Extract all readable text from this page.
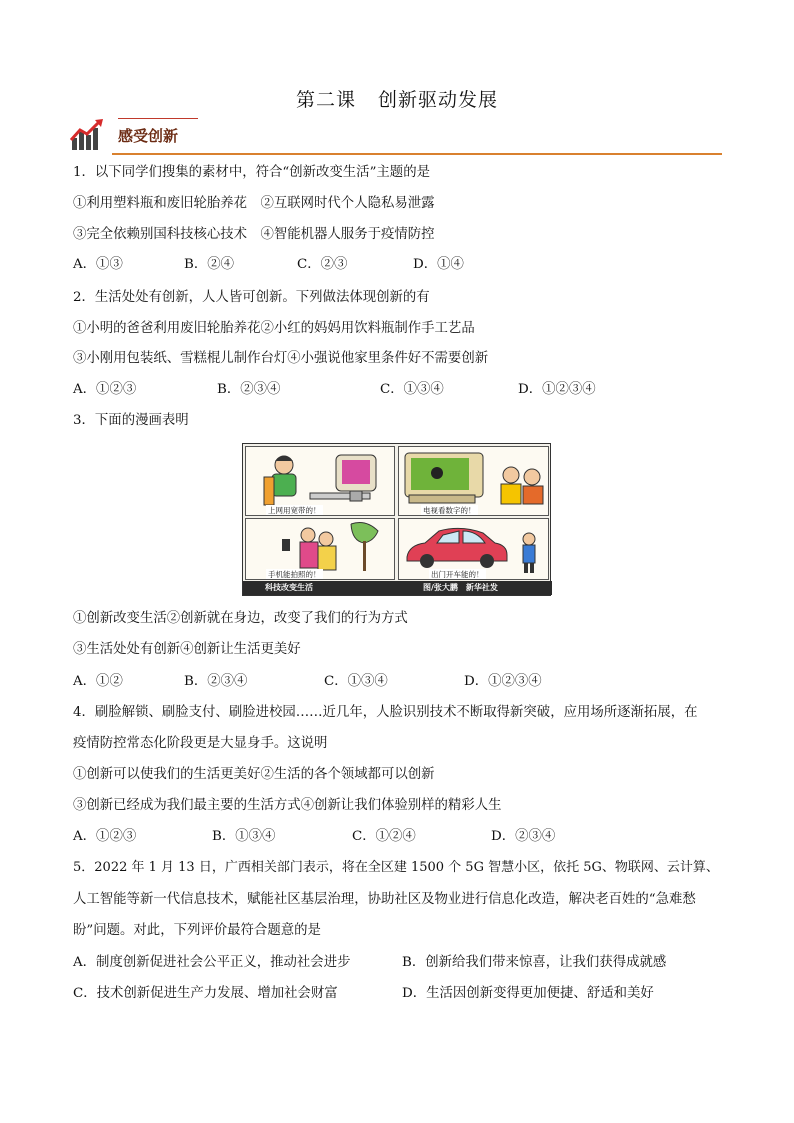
第二课 创新驱动发展
感受创新
1．以下同学们搜集的素材中，符合“创新改变生活”主题的是
①利用塑料瓶和废旧轮胎养花　②互联网时代个人隐私易泄露
③完全依赖别国科技核心技术　④智能机器人服务于疫情防控
A．①③	B．②④	C．②③	D．①④
2．生活处处有创新，人人皆可创新。下列做法体现创新的有
①小明的爸爸利用废旧轮胎养花②小红的妈妈用饮料瓶制作手工艺品
③小刚用包装纸、雪糕棍儿制作台灯④小强说他家里条件好不需要创新
A．①②③	B．②③④	C．①③④	D．①②③④
3．下面的漫画表明
上网用宽带的！	电视看数字的！
手机能拍照的！	出门开车能的！
科技改变生活	图/张大鹏　新华社发
①创新改变生活②创新就在身边，改变了我们的行为方式
③生活处处有创新④创新让生活更美好
A．①②	B．②③④	C．①③④	D．①②③④
4．刷脸解锁、刷脸支付、刷脸进校园……近几年，人脸识别技术不断取得新突破，应用场所逐渐拓展，在
疫情防控常态化阶段更是大显身手。这说明
①创新可以使我们的生活更美好②生活的各个领域都可以创新
③创新已经成为我们最主要的生活方式④创新让我们体验别样的精彩人生
A．①②③	B．①③④	C．①②④	D．②③④
5．2022 年 1 月 13 日，广西相关部门表示，将在全区建 1500 个 5G 智慧小区，依托 5G、物联网、云计算、
人工智能等新一代信息技术，赋能社区基层治理，协助社区及物业进行信息化改造，解决老百姓的“急难愁
盼”问题。对此，下列评价最符合题意的是
A．制度创新促进社会公平正义，推动社会进步	B．创新给我们带来惊喜，让我们获得成就感
C．技术创新促进生产力发展、增加社会财富	D．生活因创新变得更加便捷、舒适和美好
